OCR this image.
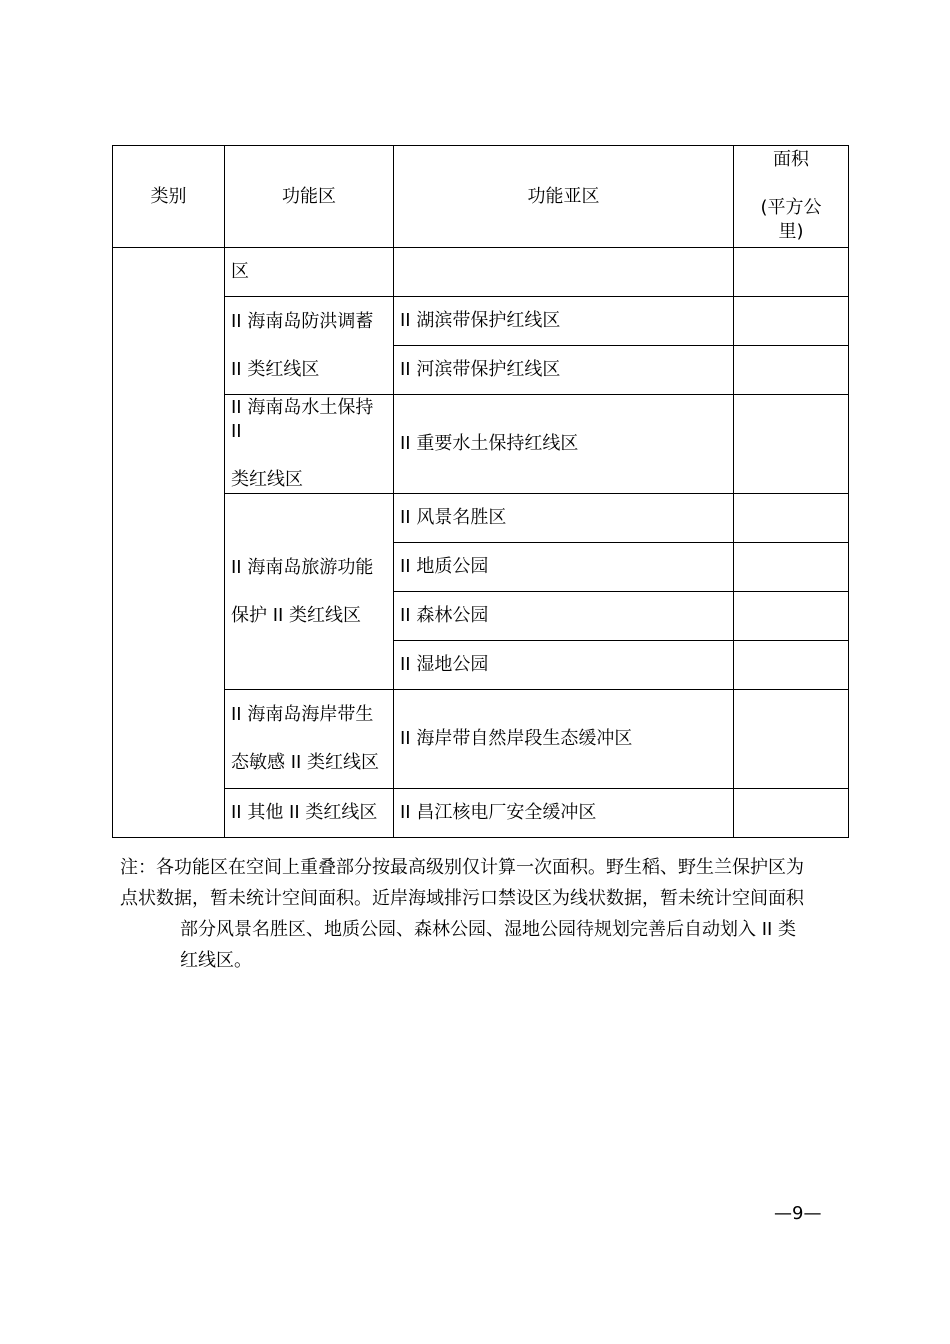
类别	功能区	功能亚区	面积
(平方公
里)

	区		

	II 海南岛防洪调蓄
II 类红线区	II 湖滨带保护红线区	
		II 河滨带保护红线区	

	II 海南岛水土保持
II
类红线区	II 重要水土保持红线区	

	II 海南岛旅游功能
保护 II 类红线区	II 风景名胜区	
		II 地质公园	
		II 森林公园	
		II 湿地公园	

	II 海南岛海岸带生
态敏感 II 类红线区	II 海岸带自然岸段生态缓冲区	
	II 其他 II 类红线区	II 昌江核电厂安全缓冲区	

注：各功能区在空间上重叠部分按最高级别仅计算一次面积。野生稻、野生兰保护区为

点状数据，暂未统计空间面积。近岸海域排污口禁设区为线状数据，暂未统计空间面积

部分风景名胜区、地质公园、森林公园、湿地公园待规划完善后自动划入 II 类

红线区。

—9—
